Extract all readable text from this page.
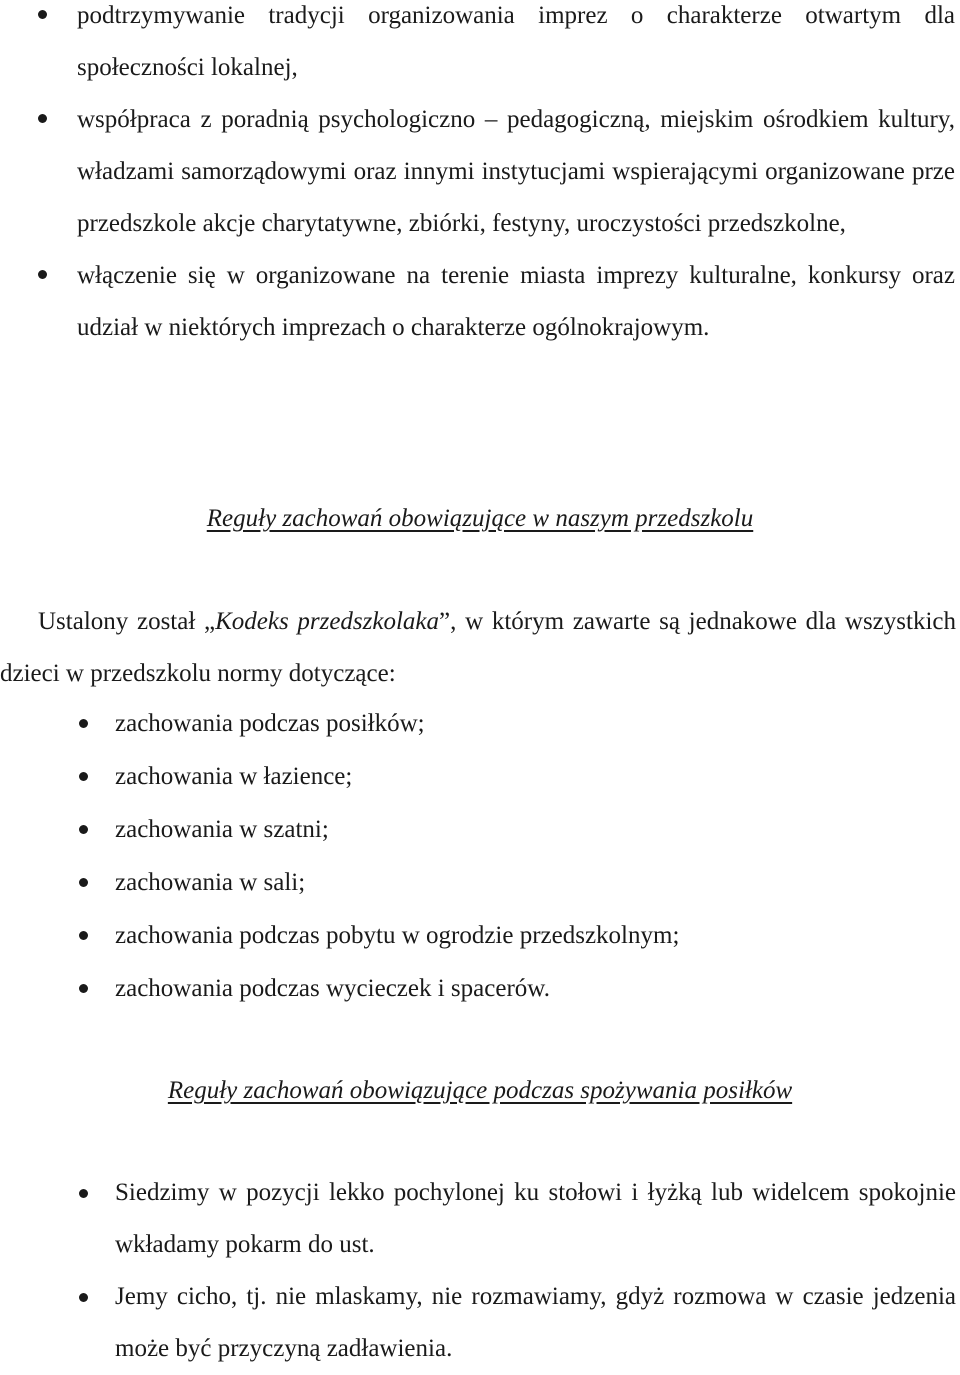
podtrzymywanie tradycji organizowania imprez o charakterze otwartym dla społeczności lokalnej,
współpraca z poradnią psychologiczno – pedagogiczną, miejskim ośrodkiem kultury, władzami samorządowymi oraz innymi instytucjami wspierającymi organizowane prze przedszkole akcje charytatywne, zbiórki, festyny, uroczystości przedszkolne,
włączenie się w organizowane na terenie miasta imprezy kulturalne, konkursy oraz udział w niektórych imprezach o charakterze ogólnokrajowym.
Reguły zachowań obowiązujące w naszym przedszkolu

Ustalony został „Kodeks przedszkolaka”, w którym zawarte są jednakowe dla wszystkich dzieci w przedszkolu normy dotyczące:

zachowania podczas posiłków;
zachowania w łazience;
zachowania w szatni;
zachowania w sali;
zachowania podczas pobytu w ogrodzie przedszkolnym;
zachowania podczas wycieczek i spacerów.
Reguły zachowań obowiązujące podczas spożywania posiłków
Siedzimy w pozycji lekko pochylonej ku stołowi i łyżką lub widelcem spokojnie wkładamy pokarm do ust.
Jemy cicho, tj. nie mlaskamy, nie rozmawiamy, gdyż rozmowa w czasie jedzenia może być przyczyną zadławienia.
